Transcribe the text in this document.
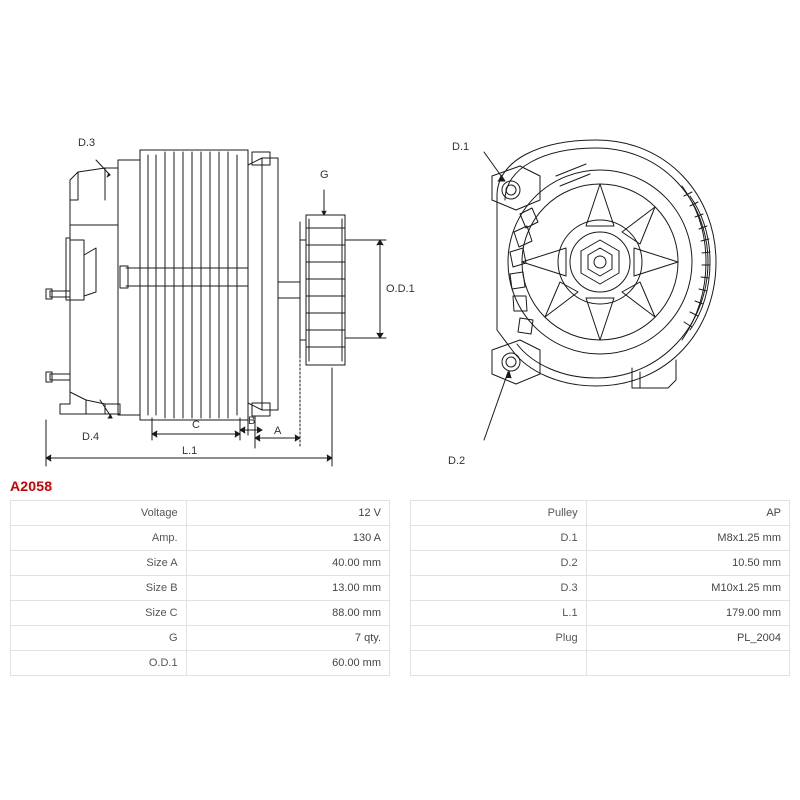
D.3
D.4
G
O.D.1
A
B
C
L.1
D.1
D.2
A2058
Voltage	12 V
Amp.	130 A
Size A	40.00 mm
Size B	13.00 mm
Size C	88.00 mm
G	7 qty.
O.D.1	60.00 mm
Pulley	AP
D.1	M8x1.25 mm
D.2	10.50 mm
D.3	M10x1.25 mm
L.1	179.00 mm
Plug	PL_2004
